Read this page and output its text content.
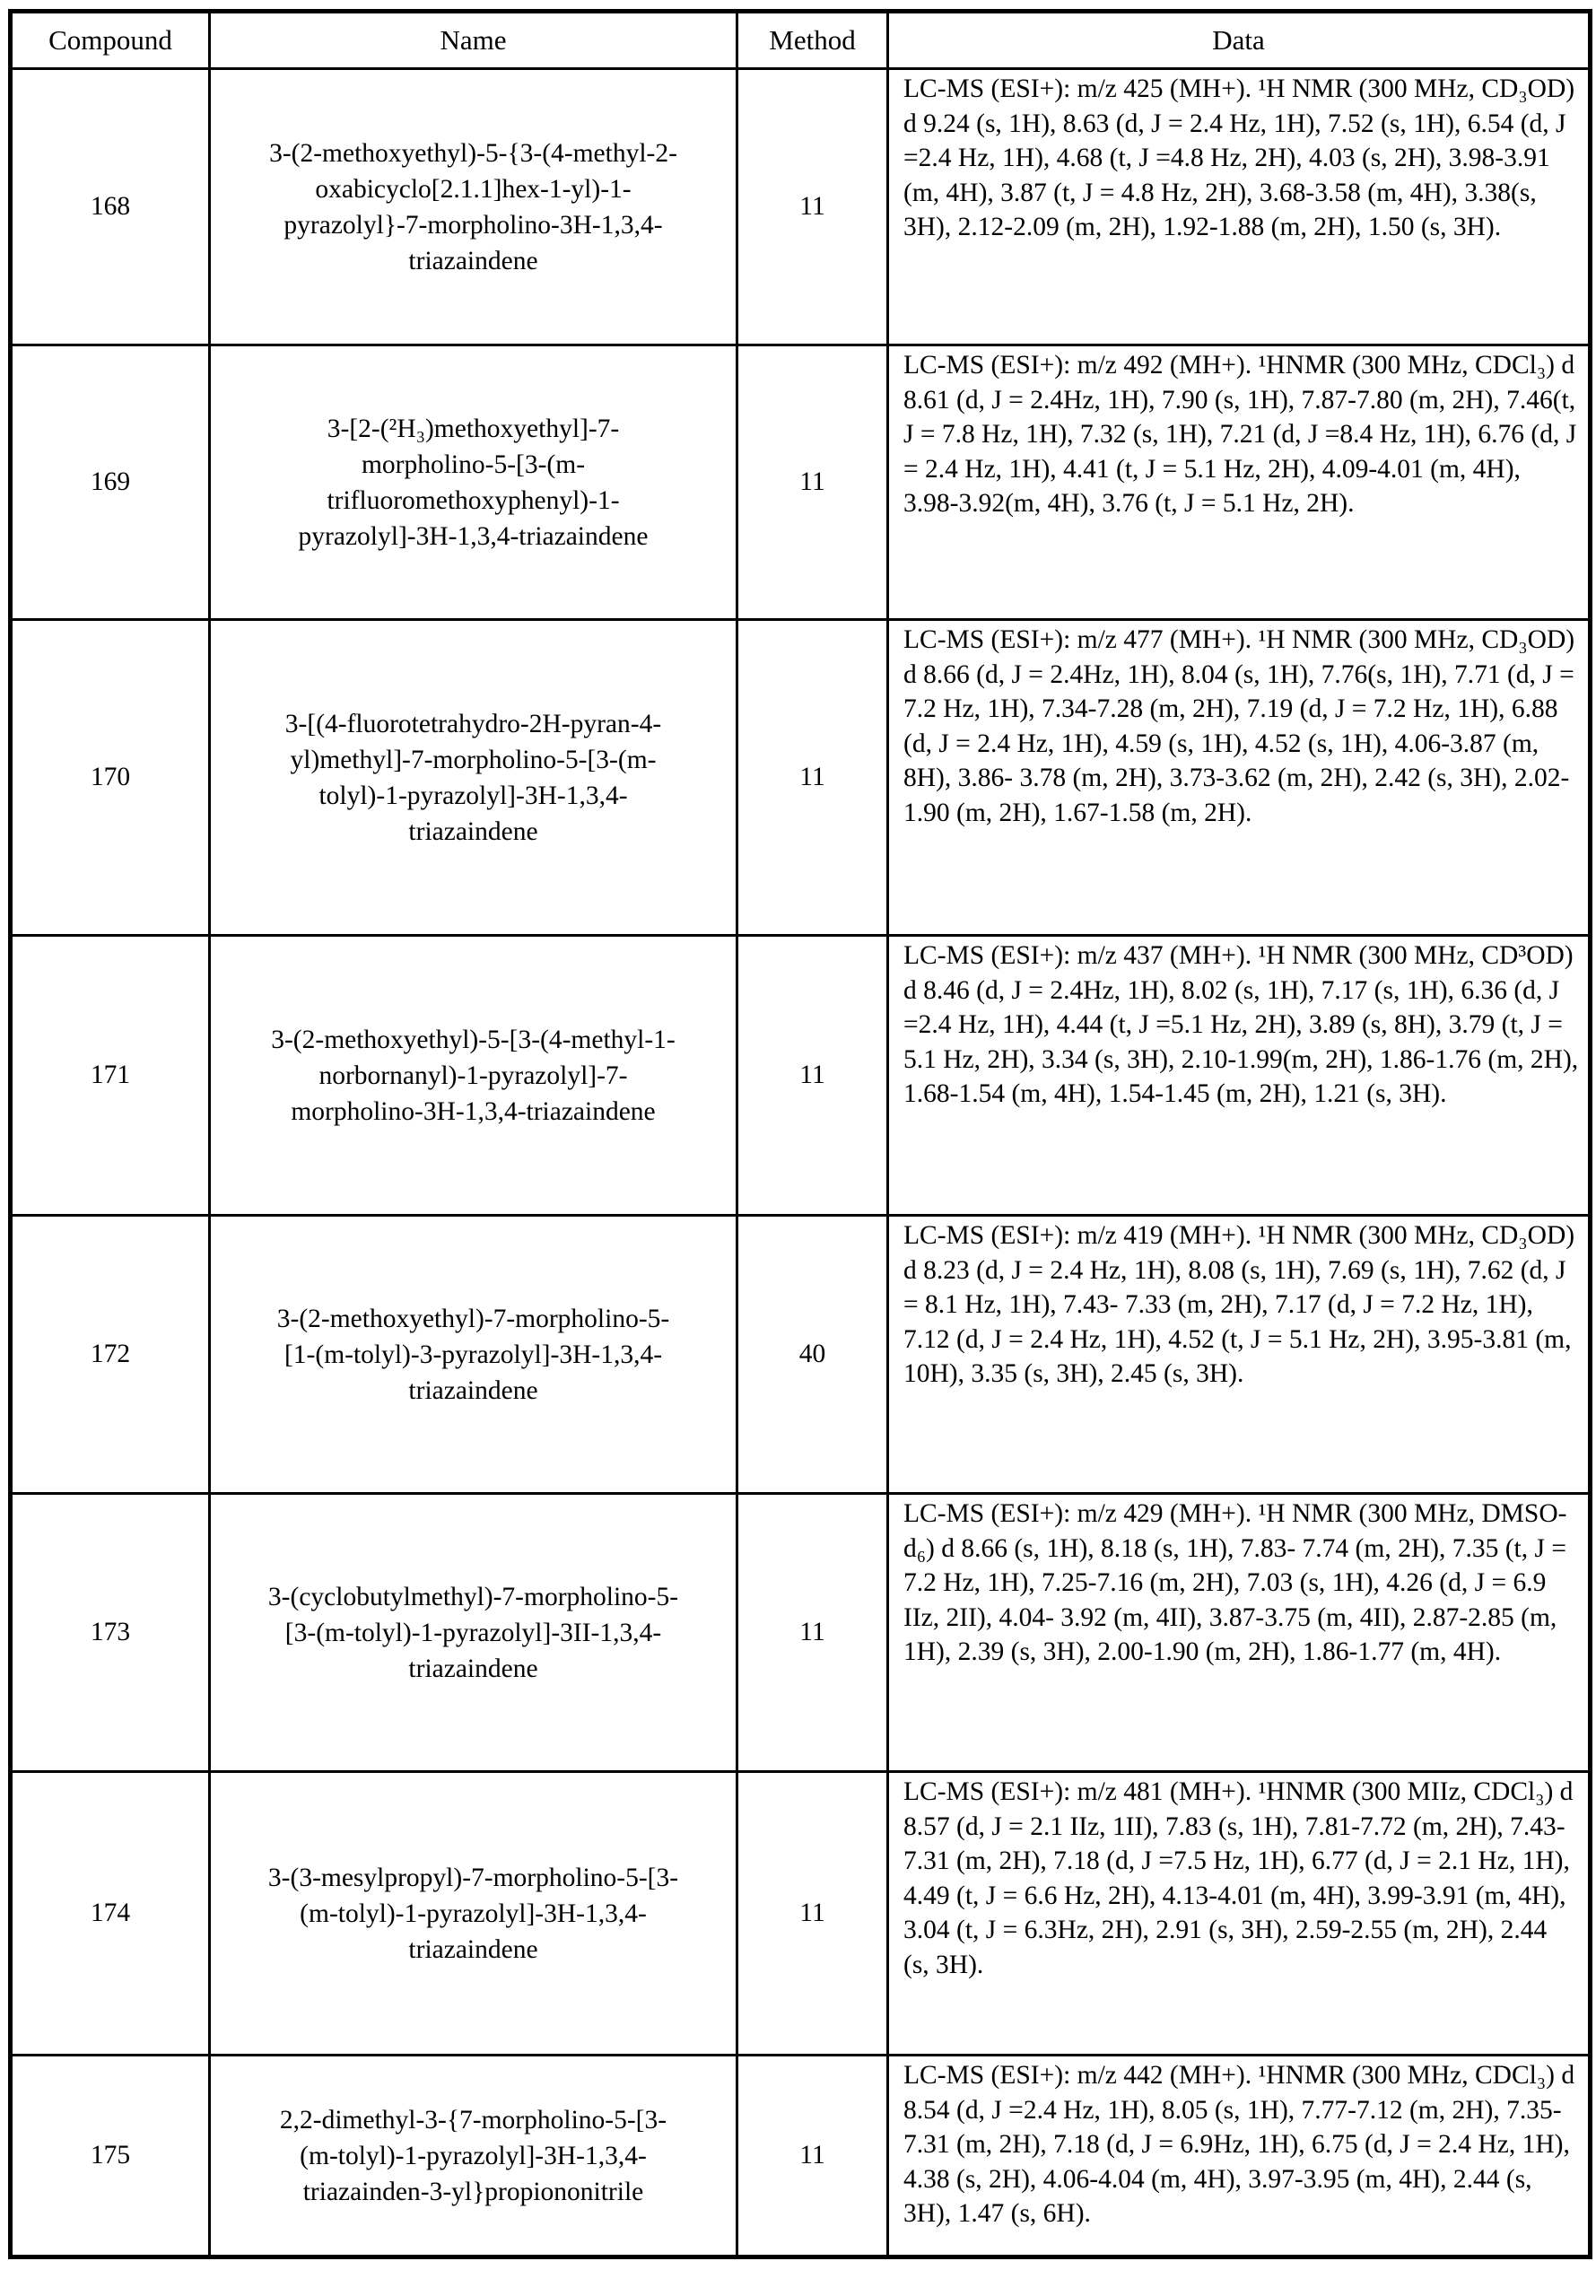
Compound	Name	Method	Data
168	3-(2-methoxyethyl)-5-{3-(4-methyl-2-oxabicyclo[2.1.1]hex-1-yl)-1-pyrazolyl}-7-morpholino-3H-1,3,4-triazaindene	11	LC-MS (ESI+): m/z 425 (MH+). ¹H NMR (300 MHz, CD₃OD) d 9.24 (s, 1H), 8.63 (d, J = 2.4 Hz, 1H), 7.52 (s, 1H), 6.54 (d, J =2.4 Hz, 1H), 4.68 (t, J =4.8 Hz, 2H), 4.03 (s, 2H), 3.98-3.91 (m, 4H), 3.87 (t, J = 4.8 Hz, 2H), 3.68-3.58 (m, 4H), 3.38(s, 3H), 2.12-2.09 (m, 2H), 1.92-1.88 (m, 2H), 1.50 (s, 3H).
169	3-[2-(²H₃)methoxyethyl]-7-morpholino-5-[3-(m-trifluoromethoxyphenyl)-1-pyrazolyl]-3H-1,3,4-triazaindene	11	LC-MS (ESI+): m/z 492 (MH+). ¹HNMR (300 MHz, CDCl₃) d 8.61 (d, J = 2.4Hz, 1H), 7.90 (s, 1H), 7.87-7.80 (m, 2H), 7.46(t, J = 7.8 Hz, 1H), 7.32 (s, 1H), 7.21 (d, J =8.4 Hz, 1H), 6.76 (d, J = 2.4 Hz, 1H), 4.41 (t, J = 5.1 Hz, 2H), 4.09-4.01 (m, 4H), 3.98-3.92(m, 4H), 3.76 (t, J = 5.1 Hz, 2H).
170	3-[(4-fluorotetrahydro-2H-pyran-4-yl)methyl]-7-morpholino-5-[3-(m-tolyl)-1-pyrazolyl]-3H-1,3,4-triazaindene	11	LC-MS (ESI+): m/z 477 (MH+). ¹H NMR (300 MHz, CD₃OD) d 8.66 (d, J = 2.4Hz, 1H), 8.04 (s, 1H), 7.76(s, 1H), 7.71 (d, J = 7.2 Hz, 1H), 7.34-7.28 (m, 2H), 7.19 (d, J = 7.2 Hz, 1H), 6.88 (d, J = 2.4 Hz, 1H), 4.59 (s, 1H), 4.52 (s, 1H), 4.06-3.87 (m, 8H), 3.86- 3.78 (m, 2H), 3.73-3.62 (m, 2H), 2.42 (s, 3H), 2.02-1.90 (m, 2H), 1.67-1.58 (m, 2H).
171	3-(2-methoxyethyl)-5-[3-(4-methyl-1-norbornanyl)-1-pyrazolyl]-7-morpholino-3H-1,3,4-triazaindene	11	LC-MS (ESI+): m/z 437 (MH+). ¹H NMR (300 MHz, CD³OD) d 8.46 (d, J = 2.4Hz, 1H), 8.02 (s, 1H), 7.17 (s, 1H), 6.36 (d, J =2.4 Hz, 1H), 4.44 (t, J =5.1 Hz, 2H), 3.89 (s, 8H), 3.79 (t, J = 5.1 Hz, 2H), 3.34 (s, 3H), 2.10-1.99(m, 2H), 1.86-1.76 (m, 2H), 1.68-1.54 (m, 4H), 1.54-1.45 (m, 2H), 1.21 (s, 3H).
172	3-(2-methoxyethyl)-7-morpholino-5-[1-(m-tolyl)-3-pyrazolyl]-3H-1,3,4-triazaindene	40	LC-MS (ESI+): m/z 419 (MH+). ¹H NMR (300 MHz, CD₃OD) d 8.23 (d, J = 2.4 Hz, 1H), 8.08 (s, 1H), 7.69 (s, 1H), 7.62 (d, J = 8.1 Hz, 1H), 7.43- 7.33 (m, 2H), 7.17 (d, J = 7.2 Hz, 1H), 7.12 (d, J = 2.4 Hz, 1H), 4.52 (t, J = 5.1 Hz, 2H), 3.95-3.81 (m, 10H), 3.35 (s, 3H), 2.45 (s, 3H).
173	3-(cyclobutylmethyl)-7-morpholino-5-[3-(m-tolyl)-1-pyrazolyl]-3II-1,3,4-triazaindene	11	LC-MS (ESI+): m/z 429 (MH+). ¹H NMR (300 MHz, DMSO-d₆) d 8.66 (s, 1H), 8.18 (s, 1H), 7.83- 7.74 (m, 2H), 7.35 (t, J = 7.2 Hz, 1H), 7.25-7.16 (m, 2H), 7.03 (s, 1H), 4.26 (d, J = 6.9 IIz, 2II), 4.04- 3.92 (m, 4II), 3.87-3.75 (m, 4II), 2.87-2.85 (m, 1H), 2.39 (s, 3H), 2.00-1.90 (m, 2H), 1.86-1.77 (m, 4H).
174	3-(3-mesylpropyl)-7-morpholino-5-[3-(m-tolyl)-1-pyrazolyl]-3H-1,3,4-triazaindene	11	LC-MS (ESI+): m/z 481 (MH+). ¹HNMR (300 MIIz, CDCl₃) d 8.57 (d, J = 2.1 IIz, 1II), 7.83 (s, 1H), 7.81-7.72 (m, 2H), 7.43-7.31 (m, 2H), 7.18 (d, J =7.5 Hz, 1H), 6.77 (d, J = 2.1 Hz, 1H), 4.49 (t, J = 6.6 Hz, 2H), 4.13-4.01 (m, 4H), 3.99-3.91 (m, 4H), 3.04 (t, J = 6.3Hz, 2H), 2.91 (s, 3H), 2.59-2.55 (m, 2H), 2.44 (s, 3H).
175	2,2-dimethyl-3-{7-morpholino-5-[3-(m-tolyl)-1-pyrazolyl]-3H-1,3,4-triazainden-3-yl}propiononitrile	11	LC-MS (ESI+): m/z 442 (MH+). ¹HNMR (300 MHz, CDCl₃) d 8.54 (d, J =2.4 Hz, 1H), 8.05 (s, 1H), 7.77-7.12 (m, 2H), 7.35-7.31 (m, 2H), 7.18 (d, J = 6.9Hz, 1H), 6.75 (d, J = 2.4 Hz, 1H), 4.38 (s, 2H), 4.06-4.04 (m, 4H), 3.97-3.95 (m, 4H), 2.44 (s, 3H), 1.47 (s, 6H).
